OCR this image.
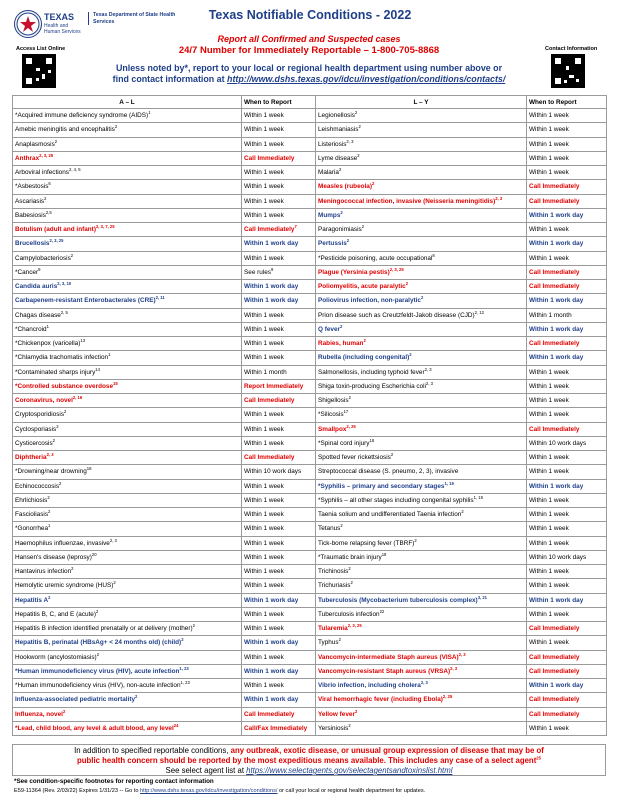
TEXAS
Health and Human Services
Texas Department of State Health Services
Access List Online	Contact Information
Texas Notifiable Conditions - 2022
Report all Confirmed and Suspected cases
24/7 Number for Immediately Reportable – 1-800-705-8868
Unless noted by*, report to your local or regional health department using number above or
find contact information at http://www.dshs.texas.gov/idcu/investigation/conditions/contacts/
A – L	When to Report	L – Y	When to Report
*Acquired immune deficiency syndrome (AIDS)$^1$	Within 1 week	Legionellosis$^2$	Within 1 week
Amebic meningitis and encephalitis$^2$	Within 1 week	Leishmaniasis$^2$	Within 1 week
Anaplasmosis$^2$	Within 1 week	Listeriosis$^{2, 3}$	Within 1 week
Anthrax$^{2, 3, 25}$	Call Immediately	Lyme disease$^2$	Within 1 week
Arboviral infections$^{2, 4, 5}$	Within 1 week	Malaria$^2$	Within 1 week
*Asbestosis$^6$	Within 1 week	Measles (rubeola)$^2$	Call Immediately
Ascariasis$^2$	Within 1 week	Meningococcal infection, invasive (Neisseria meningitidis)$^{2, 3}$	Call Immediately
Babesiosis$^{2,5}$	Within 1 week	Mumps$^2$	Within 1 work day
Botulism (adult and infant)$^{2, 3, 7, 25}$	Call Immediately$^7$	Paragonimiasis$^2$	Within 1 week
Brucellosis$^{2, 3, 25}$	Within 1 work day	Pertussis$^2$	Within 1 work day
Campylobacteriosis$^2$	Within 1 week	*Pesticide poisoning, acute occupational$^8$	Within 1 week
*Cancer$^9$	See rules$^9$	Plague (Yersinia pestis)$^{2, 3, 25}$	Call Immediately
Candida auris$^{2, 3, 10}$	Within 1 work day	Poliomyelitis, acute paralytic$^2$	Call Immediately
Carbapenem-resistant Enterobacterales (CRE)$^{2, 11}$	Within 1 work day	Poliovirus infection, non-paralytic$^2$	Within 1 work day
Chagas disease$^{2, 5}$	Within 1 week	Prion disease such as Creutzfeldt-Jakob disease (CJD)$^{2, 12}$	Within 1 month
*Chancroid$^1$	Within 1 week	Q fever$^2$	Within 1 work day
*Chickenpox (varicella)$^{13}$	Within 1 week	Rabies, human$^2$	Call Immediately
*Chlamydia trachomatis infection$^1$	Within 1 week	Rubella (including congenital)$^2$	Within 1 work day
*Contaminated sharps injury$^{14}$	Within 1 month	Salmonellosis, including typhoid fever$^{2, 3}$	Within 1 week
*Controlled substance overdose$^{15}$	Report Immediately	Shiga toxin-producing Escherichia coli$^{2, 3}$	Within 1 week
Coronavirus, novel$^{2, 16}$	Call Immediately	Shigellosis$^2$	Within 1 week
Cryptosporidiosis$^2$	Within 1 week	*Silicosis$^{17}$	Within 1 week
Cyclosporiasis$^2$	Within 1 week	Smallpox$^{2, 25}$	Call Immediately
Cysticercosis$^2$	Within 1 week	*Spinal cord injury$^{18}$	Within 10 work days
Diphtheria$^{2, 3}$	Call Immediately	Spotted fever rickettsiosis$^2$	Within 1 week
*Drowning/near drowning$^{18}$	Within 10 work days	Streptococcal disease (S. pneumo, 2, 3), invasive	Within 1 week
Echinococcosis$^2$	Within 1 week	*Syphilis – primary and secondary stages$^{1, 19}$	Within 1 work day
Ehrlichiosis$^2$	Within 1 week	*Syphilis – all other stages including congenital syphilis$^{1, 19}$	Within 1 week
Fascioliasis$^2$	Within 1 week	Taenia solium and undifferentiated Taenia infection$^2$	Within 1 week
*Gonorrhea$^1$	Within 1 week	Tetanus$^2$	Within 1 week
Haemophilus influenzae, invasive$^{2, 3}$	Within 1 week	Tick-borne relapsing fever (TBRF)$^2$	Within 1 week
Hansen's disease (leprosy)$^{20}$	Within 1 week	*Traumatic brain injury$^{18}$	Within 10 work days
Hantavirus infection$^2$	Within 1 week	Trichinosis$^2$	Within 1 week
Hemolytic uremic syndrome (HUS)$^2$	Within 1 week	Trichuriasis$^2$	Within 1 week
Hepatitis $A^2$	Within 1 work day	Tuberculosis (Mycobacterium tuberculosis complex)$^{3, 21}$	Within 1 work day
Hepatitis B, C, and E (acute)$^2$	Within 1 week	Tuberculosis infection$^{22}$	Within 1 week
Hepatitis B infection identified prenatally or at delivery (mother)$^2$	Within 1 week	Tularemia$^{2, 3, 25}$	Call Immediately
Hepatitis B, perinatal (HBsAg+ < 24 months old) (child)$^2$	Within 1 work day	Typhus$^2$	Within 1 week
Hookworm (ancylostomiasis)$^2$	Within 1 week	Vancomycin-intermediate Staph aureus (VISA)$^{2, 3}$	Call Immediately
*Human immunodeficiency virus (HIV), acute infection$^{1, 23}$	Within 1 work day	Vancomycin-resistant Staph aureus (VRSA)$^{2, 3}$	Call Immediately
*Human immunodeficiency virus (HIV), non-acute infection$^{1, 23}$	Within 1 week	Vibrio infection, including cholera$^{2, 3}$	Within 1 work day
Influenza-associated pediatric mortality$^2$	Within 1 work day	Viral hemorrhagic fever (including Ebola)$^{2, 25}$	Call Immediately
Influenza, novel$^2$	Call Immediately	Yellow fever$^2$	Call Immediately
*Lead, child blood, any level & adult blood, any level$^{24}$	Call/Fax Immediately	Yersiniosis$^2$	Within 1 week
In addition to specified reportable conditions, any outbreak, exotic disease, or unusual group expression of disease that may be of
public health concern should be reported by the most expeditious means available. This includes any case of a select agent$^{25}$
See select agent list at https://www.selectagents.gov/selectagentsandtoxinslist.html
*See condition-specific footnotes for reporting contact information
E59-11364 (Rev. 2/03/22) Expires 1/31/23 -- Go to http://www.dshs.texas.gov/idcu/investigation/conditions/ or call your local or regional health department for updates.
